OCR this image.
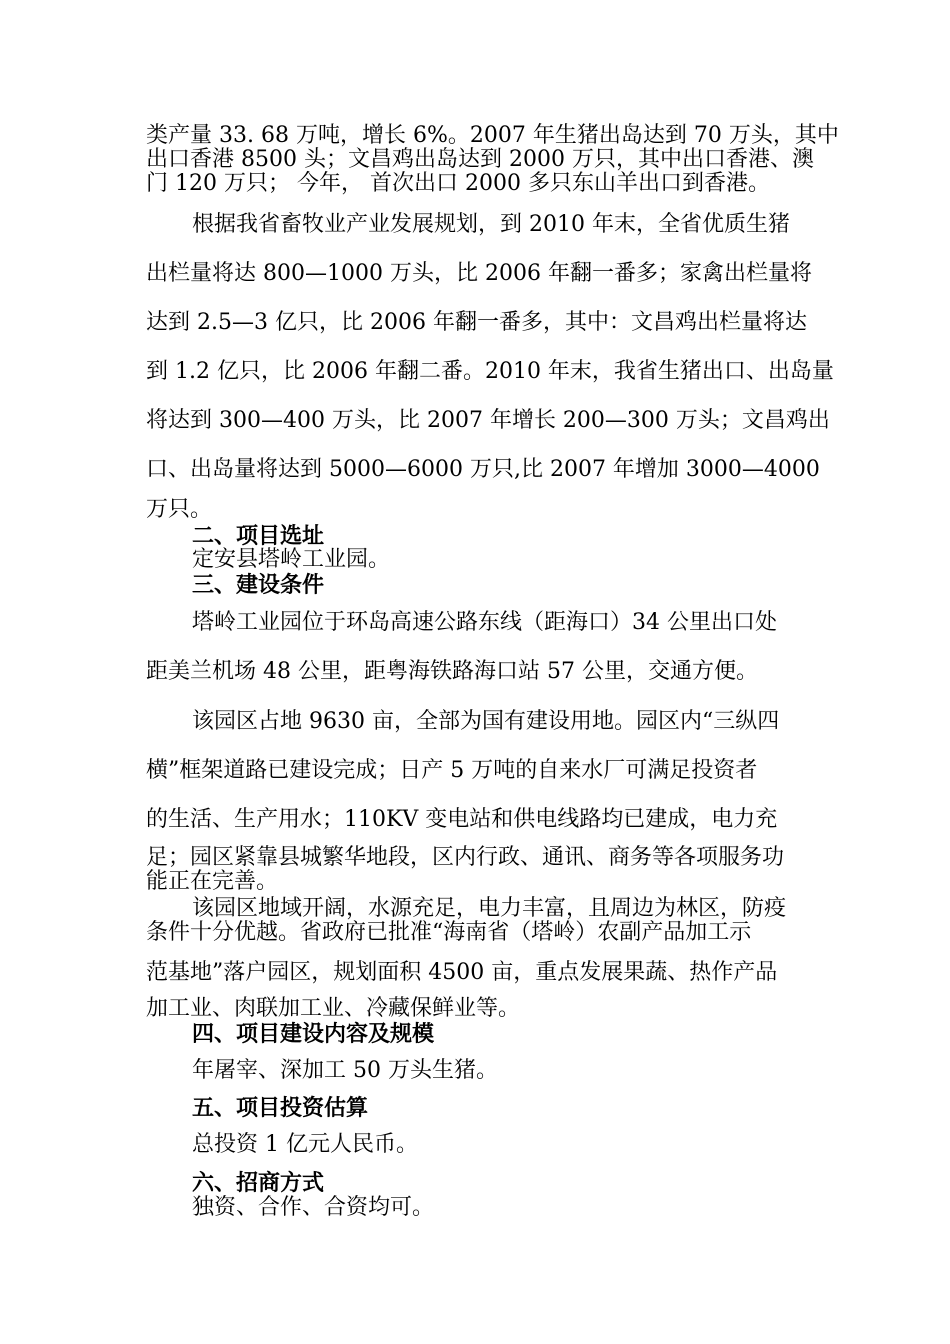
类产量 33. 68 万吨，增长 6%。2007 年生猪出岛达到 70 万头，其中
出口香港 8500 头；文昌鸡出岛达到 2000 万只，其中出口香港、澳
门 120 万只； 今年， 首次出口 2000 多只东山羊出口到香港。
根据我省畜牧业产业发展规划，到 2010 年末，全省优质生猪
出栏量将达 800—1000 万头，比 2006 年翻一番多；家禽出栏量将
达到 2.5—3 亿只，比 2006 年翻一番多，其中：文昌鸡出栏量将达
到 1.2 亿只，比 2006 年翻二番。2010 年末，我省生猪出口、出岛量
将达到 300—400 万头，比 2007 年增长 200—300 万头；文昌鸡出
口、出岛量将达到 5000—6000 万只,比 2007 年增加 3000—4000
万只。
二、项目选址
定安县塔岭工业园。
三、建设条件
塔岭工业园位于环岛高速公路东线（距海口）34 公里出口处
距美兰机场 48 公里，距粤海铁路海口站 57 公里，交通方便。
该园区占地 9630 亩，全部为国有建设用地。园区内“三纵四
横”框架道路已建设完成；日产 5 万吨的自来水厂可满足投资者
的生活、生产用水；110KV 变电站和供电线路均已建成，电力充
足；园区紧靠县城繁华地段，区内行政、通讯、商务等各项服务功
能正在完善。
该园区地域开阔，水源充足，电力丰富，且周边为林区，防疫
条件十分优越。省政府已批准“海南省（塔岭）农副产品加工示
范基地”落户园区，规划面积 4500 亩，重点发展果蔬、热作产品
加工业、肉联加工业、冷藏保鲜业等。
四、项目建设内容及规模
年屠宰、深加工 50 万头生猪。
五、项目投资估算
总投资 1 亿元人民币。
六、招商方式
独资、合作、合资均可。
